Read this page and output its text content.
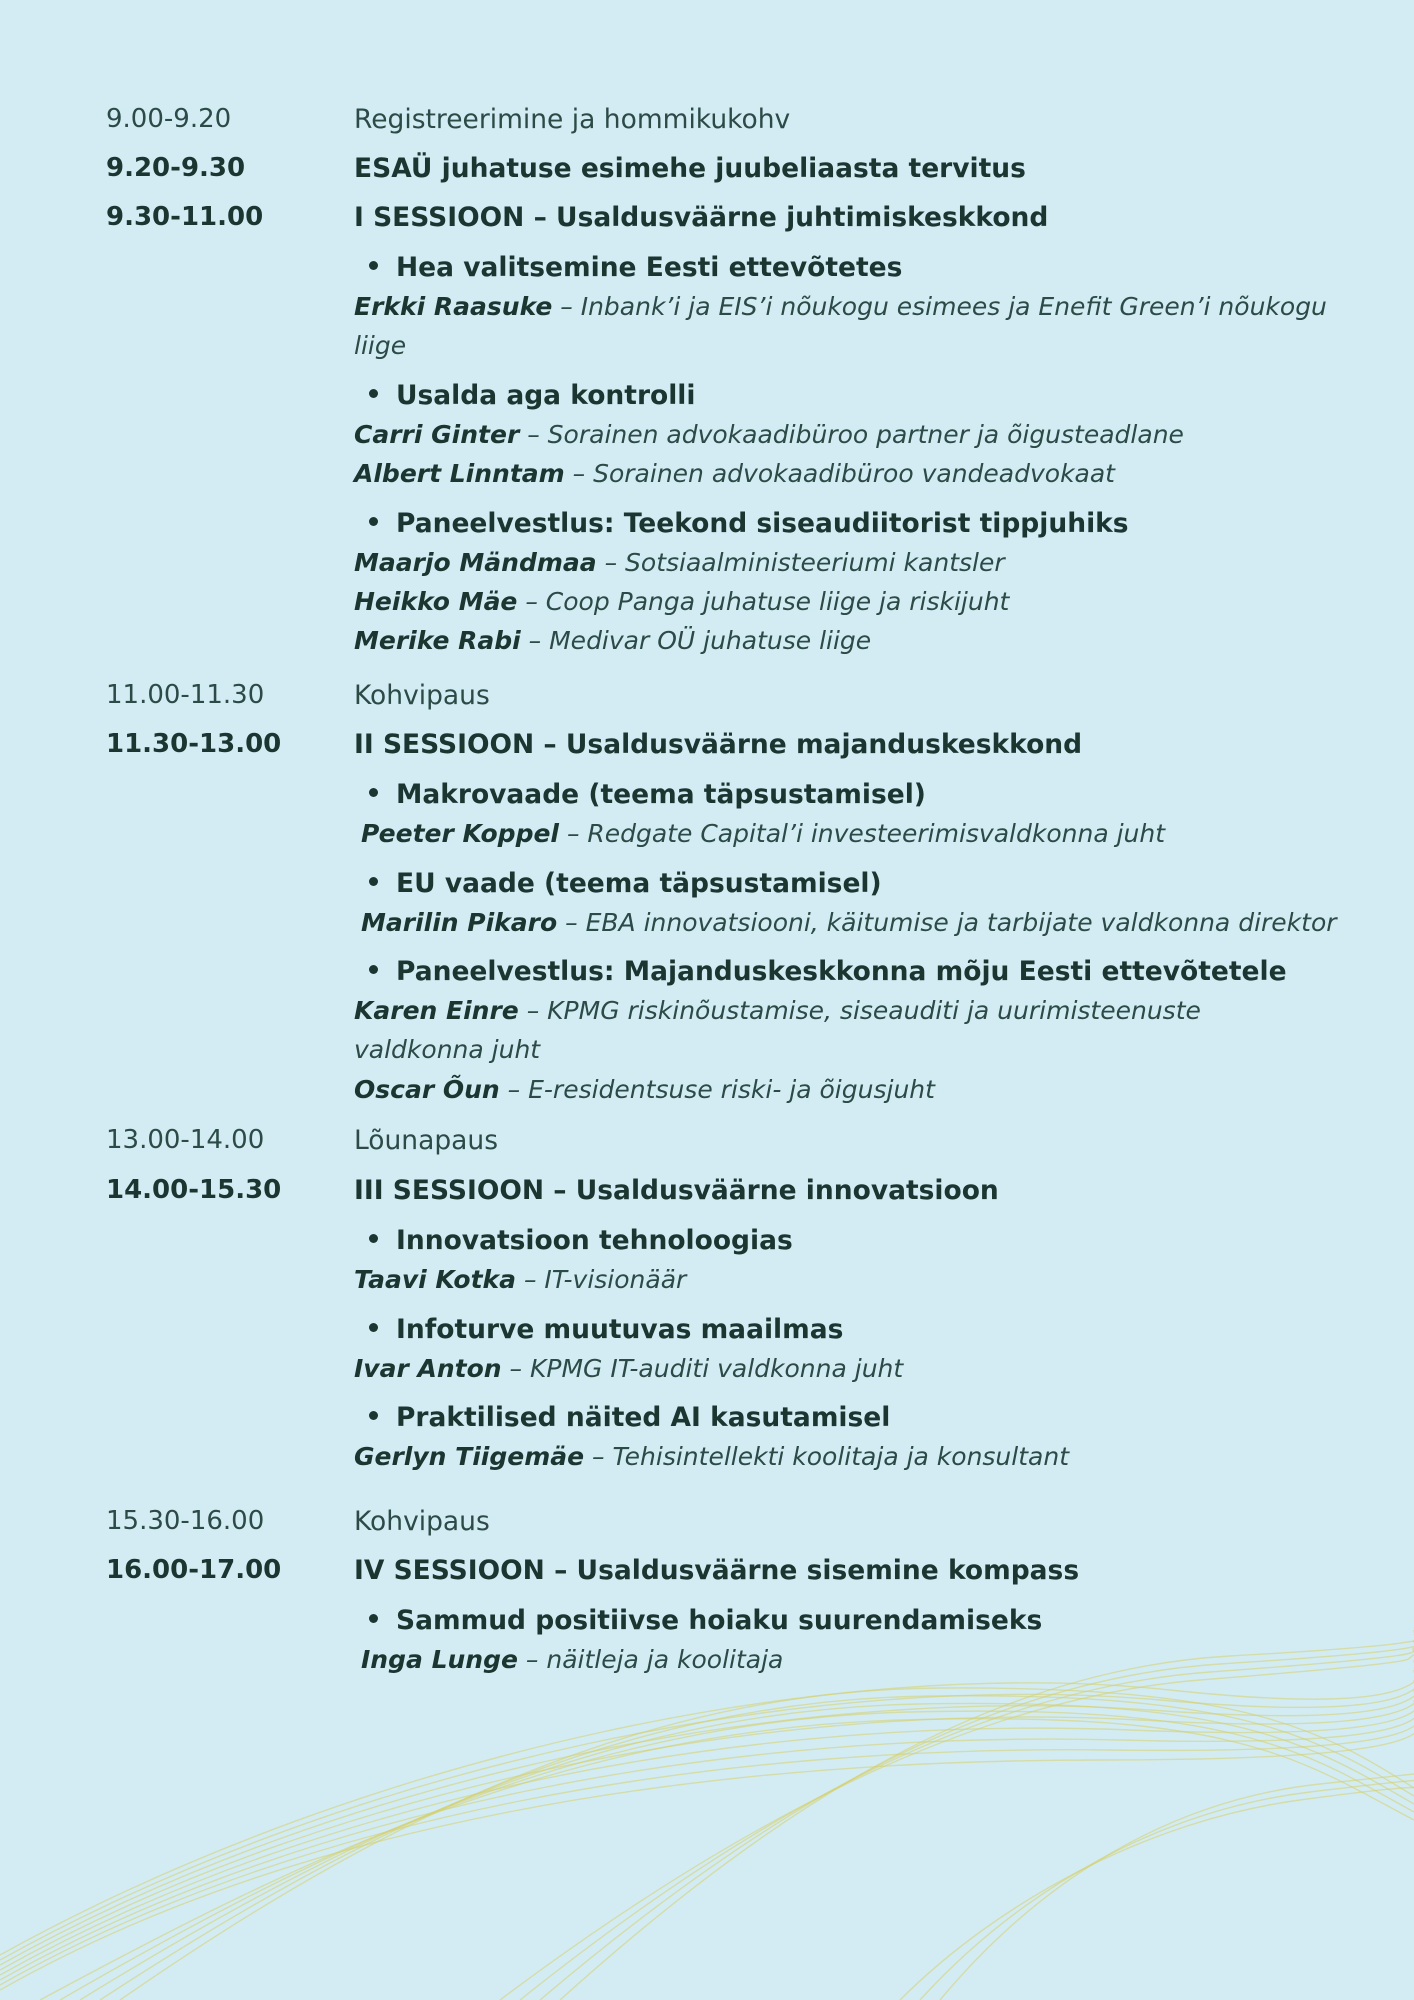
9.00-9.20	Registreerimine ja hommikukohv
9.20-9.30	ESAÜ juhatuse esimehe juubeliaasta tervitus
9.30-11.00	I SESSIOON – Usaldusväärne juhtimiskeskkond
Hea valitsemine Eesti ettevõtetes
Erkki Raasuke – Inbank’i ja EIS’i nõukogu esimees ja Enefit Green’i nõukogu
liige
Usalda aga kontrolli
Carri Ginter – Sorainen advokaadibüroo partner ja õigusteadlane
Albert Linntam – Sorainen advokaadibüroo vandeadvokaat
Paneelvestlus: Teekond siseaudiitorist tippjuhiks
Maarjo Mändmaa – Sotsiaalministeeriumi kantsler
Heikko Mäe – Coop Panga juhatuse liige ja riskijuht
Merike Rabi – Medivar OÜ juhatuse liige
11.00-11.30	Kohvipaus
11.30-13.00	II SESSIOON – Usaldusväärne majanduskeskkond
Makrovaade (teema täpsustamisel)
Peeter Koppel – Redgate Capital’i investeerimisvaldkonna juht
EU vaade (teema täpsustamisel)
Marilin Pikaro – EBA innovatsiooni, käitumise ja tarbijate valdkonna direktor
Paneelvestlus: Majanduskeskkonna mõju Eesti ettevõtetele
Karen Einre – KPMG riskinõustamise, siseauditi ja uurimisteenuste
valdkonna juht
Oscar Õun – E-residentsuse riski- ja õigusjuht
13.00-14.00	Lõunapaus
14.00-15.30	III SESSIOON – Usaldusväärne innovatsioon
Innovatsioon tehnoloogias
Taavi Kotka – IT-visionäär
Infoturve muutuvas maailmas
Ivar Anton – KPMG IT-auditi valdkonna juht
Praktilised näited AI kasutamisel
Gerlyn Tiigemäe – Tehisintellekti koolitaja ja konsultant
15.30-16.00	Kohvipaus
16.00-17.00	IV SESSIOON – Usaldusväärne sisemine kompass
Sammud positiivse hoiaku suurendamiseks
Inga Lunge – näitleja ja koolitaja
